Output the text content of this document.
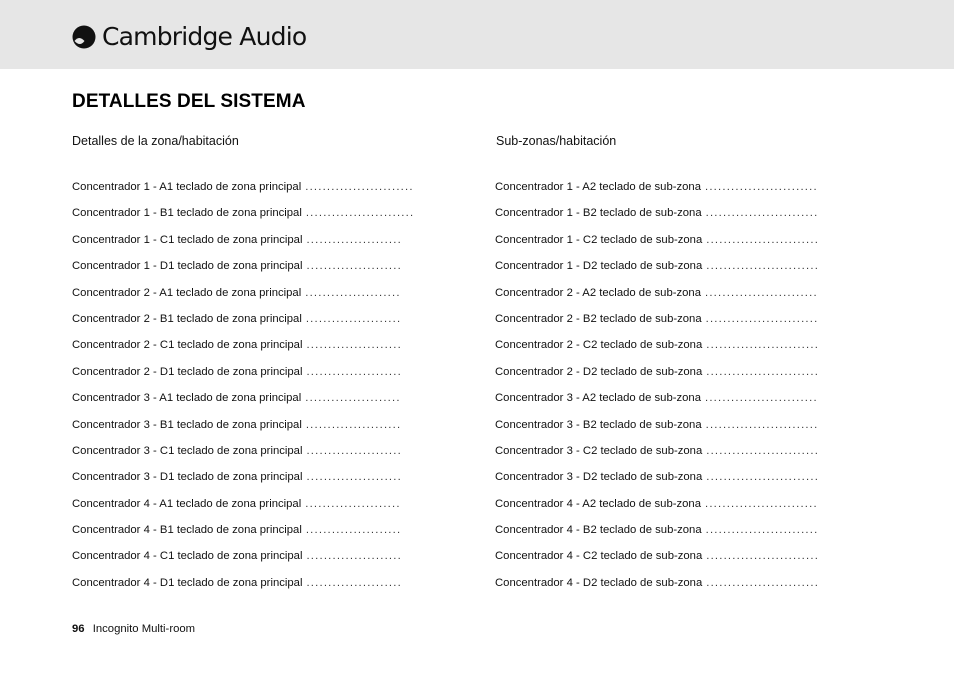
Cambridge Audio
DETALLES DEL SISTEMA
Detalles de la zona/habitación	Sub-zonas/habitación
Concentrador 1 - A1 teclado de zona principal .........................
Concentrador 1 - B1 teclado de zona principal .........................
Concentrador 1 - C1 teclado de zona principal ......................
Concentrador 1 - D1 teclado de zona principal ......................
Concentrador 2 - A1 teclado de zona principal ......................
Concentrador 2 - B1 teclado de zona principal ......................
Concentrador 2 - C1 teclado de zona principal ......................
Concentrador 2 - D1 teclado de zona principal ......................
Concentrador 3 - A1 teclado de zona principal ......................
Concentrador 3 - B1 teclado de zona principal ......................
Concentrador 3 - C1 teclado de zona principal ......................
Concentrador 3 - D1 teclado de zona principal ......................
Concentrador 4 - A1 teclado de zona principal ......................
Concentrador 4 - B1 teclado de zona principal ......................
Concentrador 4 - C1 teclado de zona principal ......................
Concentrador 4 - D1 teclado de zona principal ......................
Concentrador 1 - A2 teclado de sub-zona ..........................
Concentrador 1 - B2 teclado de sub-zona ..........................
Concentrador 1 - C2 teclado de sub-zona ..........................
Concentrador 1 - D2 teclado de sub-zona ..........................
Concentrador 2 - A2 teclado de sub-zona ..........................
Concentrador 2 - B2 teclado de sub-zona ..........................
Concentrador 2 - C2 teclado de sub-zona ..........................
Concentrador 2 - D2 teclado de sub-zona ..........................
Concentrador 3 - A2 teclado de sub-zona ..........................
Concentrador 3 - B2 teclado de sub-zona ..........................
Concentrador 3 - C2 teclado de sub-zona ..........................
Concentrador 3 - D2 teclado de sub-zona ..........................
Concentrador 4 - A2 teclado de sub-zona ..........................
Concentrador 4 - B2 teclado de sub-zona ..........................
Concentrador 4 - C2 teclado de sub-zona ..........................
Concentrador 4 - D2 teclado de sub-zona ..........................
96 Incognito Multi-room
